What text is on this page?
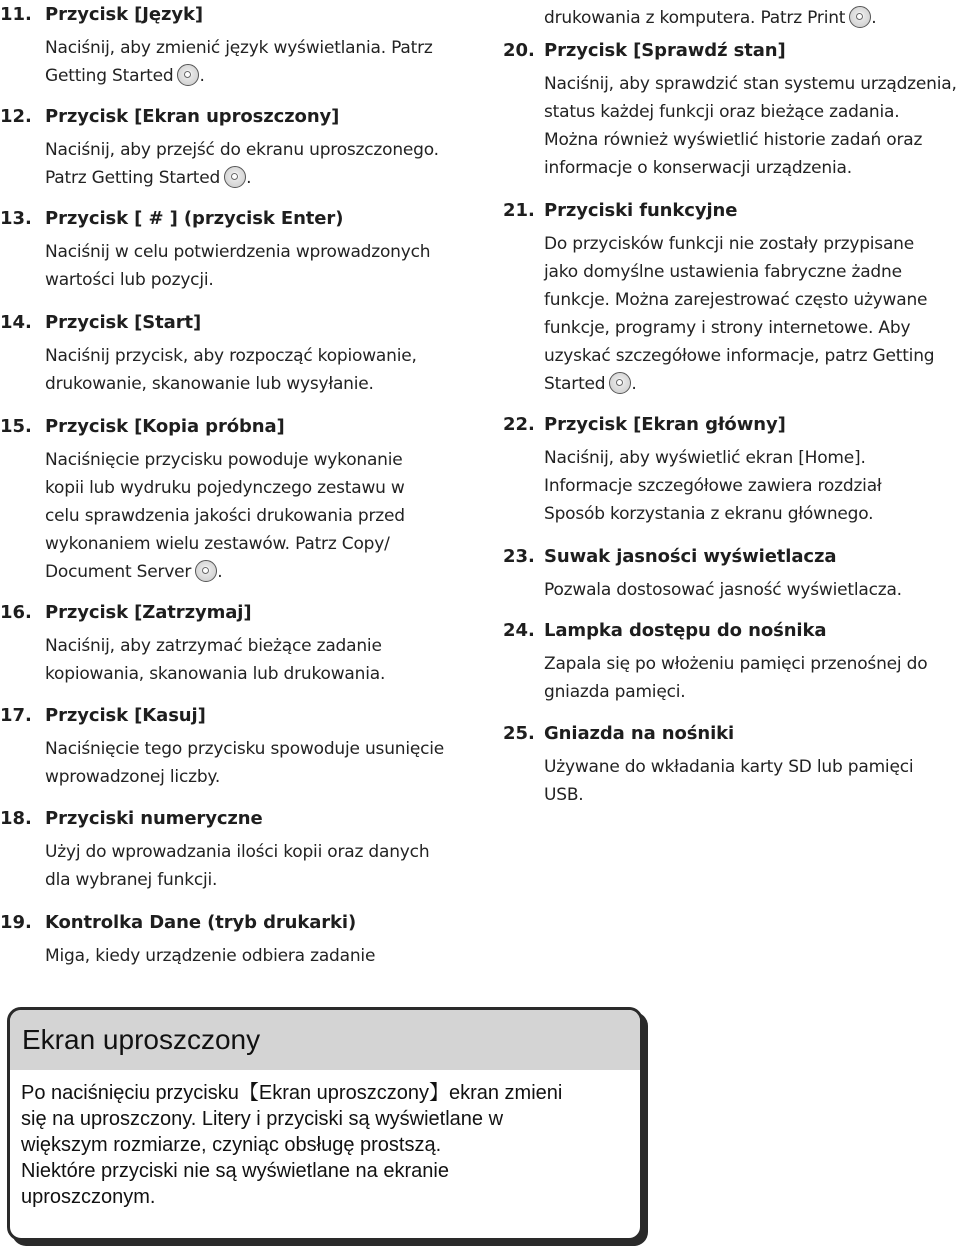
11. Przycisk [Język]
Naciśnij, aby zmienić język wyświetlania. Patrz
Getting Started .
12. Przycisk [Ekran uproszczony]
Naciśnij, aby przejść do ekranu uproszczonego.
Patrz Getting Started .
13. Przycisk [ # ] (przycisk Enter)
Naciśnij w celu potwierdzenia wprowadzonych
wartości lub pozycji.
14. Przycisk [Start]
Naciśnij przycisk, aby rozpocząć kopiowanie,
drukowanie, skanowanie lub wysyłanie.
15. Przycisk [Kopia próbna]
Naciśnięcie przycisku powoduje wykonanie
kopii lub wydruku pojedynczego zestawu w
celu sprawdzenia jakości drukowania przed
wykonaniem wielu zestawów. Patrz Copy/
Document Server .
16. Przycisk [Zatrzymaj]
Naciśnij, aby zatrzymać bieżące zadanie
kopiowania, skanowania lub drukowania.
17. Przycisk [Kasuj]
Naciśnięcie tego przycisku spowoduje usunięcie
wprowadzonej liczby.
18. Przyciski numeryczne
Użyj do wprowadzania ilości kopii oraz danych
dla wybranej funkcji.
19. Kontrolka Dane (tryb drukarki)
Miga, kiedy urządzenie odbiera zadanie
drukowania z komputera. Patrz Print .
20. Przycisk [Sprawdź stan]
Naciśnij, aby sprawdzić stan systemu urządzenia,
status każdej funkcji oraz bieżące zadania.
Można również wyświetlić historie zadań oraz
informacje o konserwacji urządzenia.
21. Przyciski funkcyjne
Do przycisków funkcji nie zostały przypisane
jako domyślne ustawienia fabryczne żadne
funkcje. Można zarejestrować często używane
funkcje, programy i strony internetowe. Aby
uzyskać szczegółowe informacje, patrz Getting
Started .
22. Przycisk [Ekran główny]
Naciśnij, aby wyświetlić ekran [Home].
Informacje szczegółowe zawiera rozdział
Sposób korzystania z ekranu głównego.
23. Suwak jasności wyświetlacza
Pozwala dostosować jasność wyświetlacza.
24. Lampka dostępu do nośnika
Zapala się po włożeniu pamięci przenośnej do
gniazda pamięci.
25. Gniazda na nośniki
Używane do wkładania karty SD lub pamięci
USB.
Ekran uproszczony
Po naciśnięciu przycisku【Ekran uproszczony】ekran zmieni
się na uproszczony. Litery i przyciski są wyświetlane w
większym rozmiarze, czyniąc obsługę prostszą.
Niektóre przyciski nie są wyświetlane na ekranie
uproszczonym.
